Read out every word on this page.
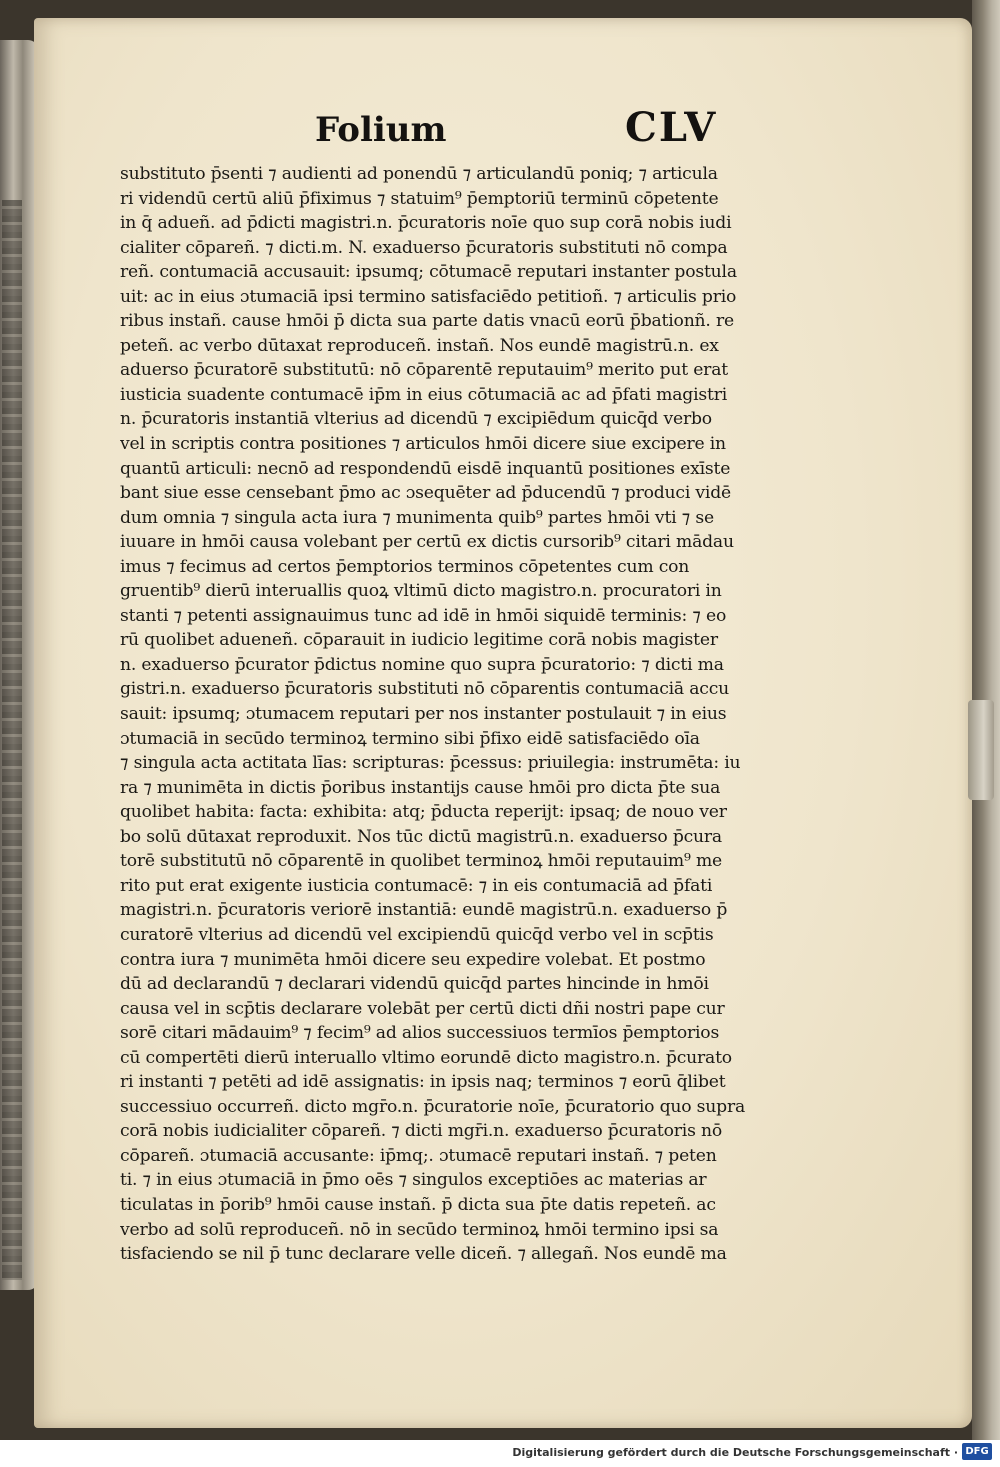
Folium	CLV
substituto p̄senti ⁊ audienti ad ponendū ⁊ articulandū poniq; ⁊ articula
ri videndū certū aliū p̄fiximus ⁊ statuim⁹ p̄emptoriū terminū cōpetente
in q̄ adueñ. ad p̄dicti magistri.n. p̄curatoris noīe quo sup corā nobis iudi
cialiter cōpareñ. ⁊ dicti.m. N. exaduerso p̄curatoris substituti nō compa
reñ. contumaciā accusauit: ipsumq; cōtumacē reputari instanter postula
uit: ac in eius ɔtumaciā ipsi termino satisfaciēdo petitioñ. ⁊ articulis prio
ribus instañ. cause hmōi p̄ dicta sua parte datis vnacū eorū p̄bationñ. re
peteñ. ac verbo dūtaxat reproduceñ. instañ. Nos eundē magistrū.n. ex
aduerso p̄curatorē substitutū: nō cōparentē reputauim⁹ merito put erat
iusticia suadente contumacē ip̄m in eius cōtumaciā ac ad p̄fati magistri
n. p̄curatoris instantiā vlterius ad dicendū ⁊ excipiēdum quicq̄d verbo
vel in scriptis contra positiones ⁊ articulos hmōi dicere siue excipere in
quantū articuli: necnō ad respondendū eisdē inquantū positiones exīste
bant siue esse censebant p̄mo ac ɔsequēter ad p̄ducendū ⁊ produci vidē
dum omnia ⁊ singula acta iura ⁊ munimenta quib⁹ partes hmōi vti ⁊ se
iuuare in hmōi causa volebant per certū ex dictis cursorib⁹ citari mādau
imus ⁊ fecimus ad certos p̄emptorios terminos cōpetentes cum con
gruentib⁹ dierū interuallis quoꝝ vltimū dicto magistro.n. procuratori in
stanti ⁊ petenti assignauimus tunc ad idē in hmōi siquidē terminis: ⁊ eo
rū quolibet adueneñ. cōparauit in iudicio legitime corā nobis magister
n. exaduerso p̄curator p̄dictus nomine quo supra p̄curatorio: ⁊ dicti ma
gistri.n. exaduerso p̄curatoris substituti nō cōparentis contumaciā accu
sauit: ipsumq; ɔtumacem reputari per nos instanter postulauit ⁊ in eius
ɔtumaciā in secūdo terminoꝝ termino sibi p̄fixo eidē satisfaciēdo oīa
⁊ singula acta actitata līas: scripturas: p̄cessus: priuilegia: instrumēta: iu
ra ⁊ munimēta in dictis p̄oribus instantijs cause hmōi pro dicta p̄te sua
quolibet habita: facta: exhibita: atq; p̄ducta reperijt: ipsaq; de nouo ver
bo solū dūtaxat reproduxit. Nos tūc dictū magistrū.n. exaduerso p̄cura
torē substitutū nō cōparentē in quolibet terminoꝝ hmōi reputauim⁹ me
rito put erat exigente iusticia contumacē: ⁊ in eis contumaciā ad p̄fati
magistri.n. p̄curatoris veriorē instantiā: eundē magistrū.n. exaduerso p̄
curatorē vlterius ad dicendū vel excipiendū quicq̄d verbo vel in scp̄tis
contra iura ⁊ munimēta hmōi dicere seu expedire volebat. Et postmo
dū ad declarandū ⁊ declarari videndū quicq̄d partes hincinde in hmōi
causa vel in scp̄tis declarare volebāt per certū dicti dñi nostri pape cur
sorē citari mādauim⁹ ⁊ fecim⁹ ad alios successiuos termīos p̄emptorios
cū compertēti dierū interuallo vltimo eorundē dicto magistro.n. p̄curato
ri instanti ⁊ petēti ad idē assignatis: in ipsis naq; terminos ⁊ eorū q̄libet
successiuo occurreñ. dicto mgr̄o.n. p̄curatorie noīe, p̄curatorio quo supra
corā nobis iudicialiter cōpareñ. ⁊ dicti mgr̄i.n. exaduerso p̄curatoris nō
cōpareñ. ɔtumaciā accusante: ip̄mq;. ɔtumacē reputari instañ. ⁊ peten
ti. ⁊ in eius ɔtumaciā in p̄mo oēs ⁊ singulos exceptiōes ac materias ar
ticulatas in p̄orib⁹ hmōi cause instañ. p̄ dicta sua p̄te datis repeteñ. ac
verbo ad solū reproduceñ. nō in secūdo terminoꝝ hmōi termino ipsi sa
tisfaciendo se nil p̄ tunc declarare velle diceñ. ⁊ allegañ. Nos eundē ma
Digitalisierung gefördert durch die Deutsche Forschungsgemeinschaft · DFG
